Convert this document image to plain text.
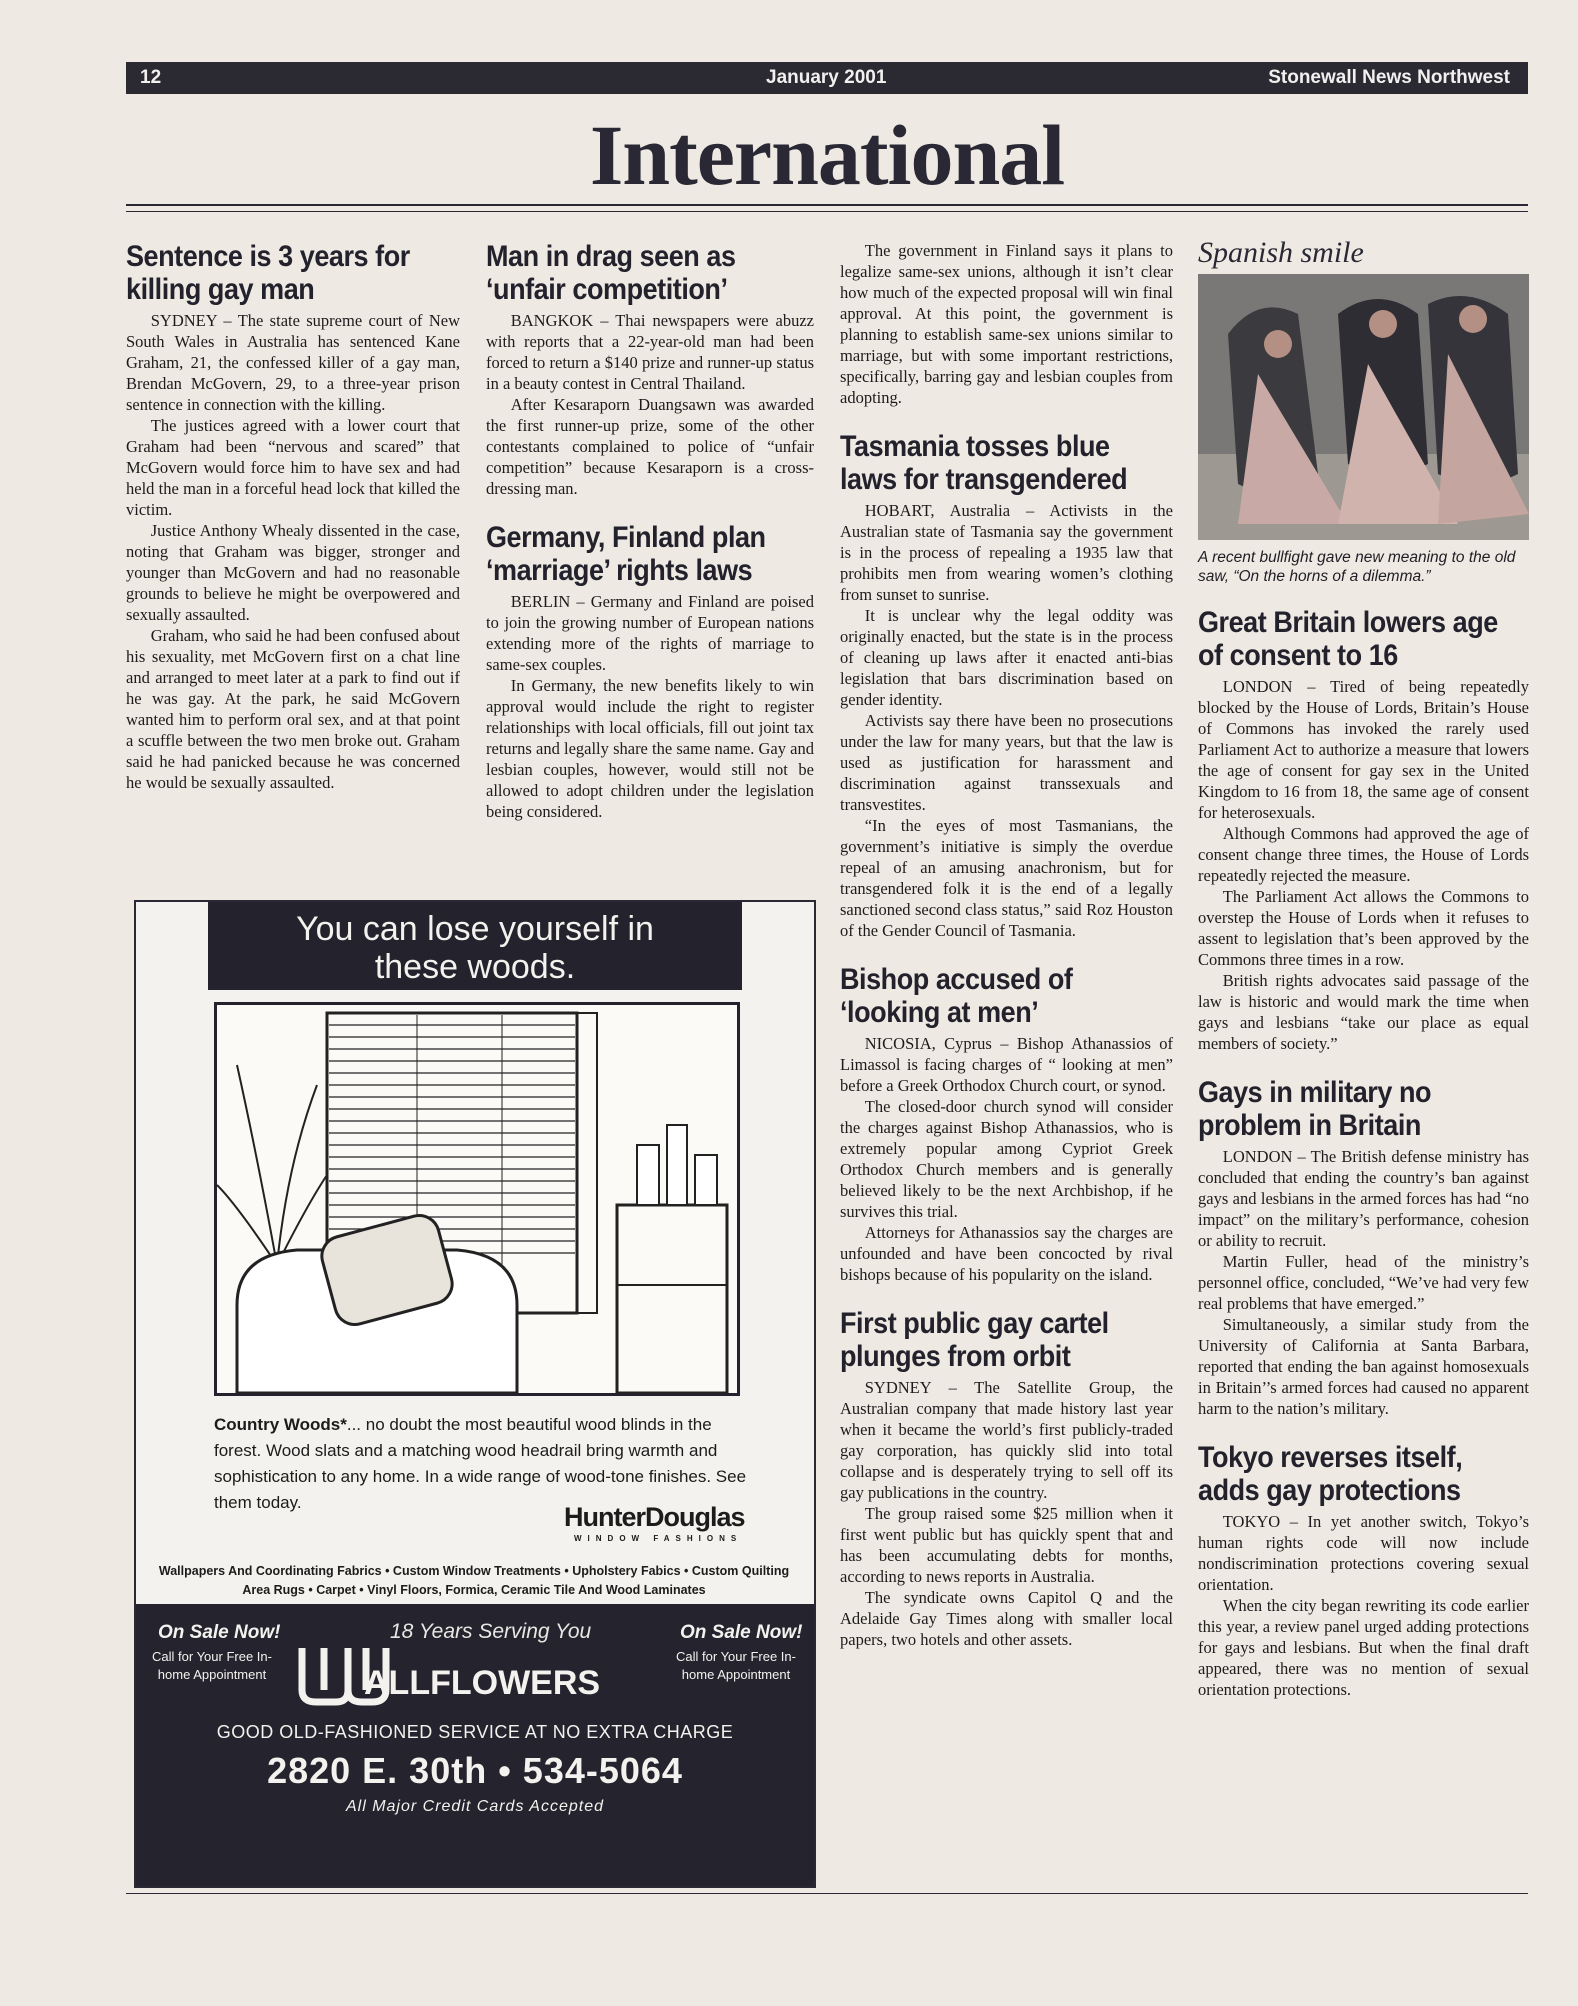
12	January 2001	Stonewall News Northwest
International
Sentence is 3 years for killing gay man

SYDNEY – The state supreme court of New South Wales in Australia has sentenced Kane Graham, 21, the confessed killer of a gay man, Brendan McGovern, 29, to a three-year prison sentence in connection with the killing.

The justices agreed with a lower court that Graham had been “nervous and scared” that McGovern would force him to have sex and had held the man in a forceful head lock that killed the victim.

Justice Anthony Whealy dissented in the case, noting that Graham was bigger, stronger and younger than McGovern and had no reasonable grounds to believe he might be overpowered and sexually assaulted.

Graham, who said he had been confused about his sexuality, met McGovern first on a chat line and arranged to meet later at a park to find out if he was gay. At the park, he said McGovern wanted him to perform oral sex, and at that point a scuffle between the two men broke out. Graham said he had panicked because he was concerned he would be sexually assaulted.

Man in drag seen as ‘unfair competition’

BANGKOK – Thai newspapers were abuzz with reports that a 22-year-old man had been forced to return a $140 prize and runner-up status in a beauty contest in Central Thailand.

After Kesaraporn Duangsawn was awarded the first runner-up prize, some of the other contestants complained to police of “unfair competition” because Kesaraporn is a cross-dressing man.

Germany, Finland plan ‘marriage’ rights laws

BERLIN – Germany and Finland are poised to join the growing number of European nations extending more of the rights of marriage to same-sex couples.

In Germany, the new benefits likely to win approval would include the right to register relationships with local officials, fill out joint tax returns and legally share the same name. Gay and lesbian couples, however, would still not be allowed to adopt children under the legislation being considered.

The government in Finland says it plans to legalize same-sex unions, although it isn’t clear how much of the expected proposal will win final approval. At this point, the government is planning to establish same-sex unions similar to marriage, but with some important restrictions, specifically, barring gay and lesbian couples from adopting.

Tasmania tosses blue laws for transgendered

HOBART, Australia – Activists in the Australian state of Tasmania say the government is in the process of repealing a 1935 law that prohibits men from wearing women’s clothing from sunset to sunrise.

It is unclear why the legal oddity was originally enacted, but the state is in the process of cleaning up laws after it enacted anti-bias legislation that bars discrimination based on gender identity.

Activists say there have been no prosecutions under the law for many years, but that the law is used as justification for harassment and discrimination against transsexuals and transvestites.

“In the eyes of most Tasmanians, the government’s initiative is simply the overdue repeal of an amusing anachronism, but for transgendered folk it is the end of a legally sanctioned second class status,” said Roz Houston of the Gender Council of Tasmania.

Bishop accused of ‘looking at men’

NICOSIA, Cyprus – Bishop Athanassios of Limassol is facing charges of “ looking at men” before a Greek Orthodox Church court, or synod.

The closed-door church synod will consider the charges against Bishop Athanassios, who is extremely popular among Cypriot Greek Orthodox Church members and is generally believed likely to be the next Archbishop, if he survives this trial.

Attorneys for Athanassios say the charges are unfounded and have been concocted by rival bishops because of his popularity on the island.

First public gay cartel plunges from orbit

SYDNEY – The Satellite Group, the Australian company that made history last year when it became the world’s first publicly-traded gay corporation, has quickly slid into total collapse and is desperately trying to sell off its gay publications in the country.

The group raised some $25 million when it first went public but has quickly spent that and has been accumulating debts for months, according to news reports in Australia.

The syndicate owns Capitol Q and the Adelaide Gay Times along with smaller local papers, two hotels and other assets.

Spanish smile
A recent bullfight gave new meaning to the old saw, “On the horns of a dilemma.”
Great Britain lowers age of consent to 16

LONDON – Tired of being repeatedly blocked by the House of Lords, Britain’s House of Commons has invoked the rarely used Parliament Act to authorize a measure that lowers the age of consent for gay sex in the United Kingdom to 16 from 18, the same age of consent for heterosexuals.

Although Commons had approved the age of consent change three times, the House of Lords repeatedly rejected the measure.

The Parliament Act allows the Commons to overstep the House of Lords when it refuses to assent to legislation that’s been approved by the Commons three times in a row.

British rights advocates said passage of the law is historic and would mark the time when gays and lesbians “take our place as equal members of society.”

Gays in military no problem in Britain

LONDON – The British defense ministry has concluded that ending the country’s ban against gays and lesbians in the armed forces has had “no impact” on the military’s performance, cohesion or ability to recruit.

Martin Fuller, head of the ministry’s personnel office, concluded, “We’ve had very few real problems that have emerged.”

Simultaneously, a similar study from the University of California at Santa Barbara, reported that ending the ban against homosexuals in Britain’’s armed forces had caused no apparent harm to the nation’s military.

Tokyo reverses itself, adds gay protections

TOKYO – In yet another switch, Tokyo’s human rights code will now include nondiscrimination protections covering sexual orientation.

When the city began rewriting its code earlier this year, a review panel urged adding protections for gays and lesbians. But when the final draft appeared, there was no mention of sexual orientation protections.

You can lose yourself in
these woods.
Country Woods*... no doubt the most beautiful wood blinds in the forest. Wood slats and a matching wood headrail bring warmth and sophistication to any home. In a wide range of wood-tone finishes. See them today.	HunterDouglas
WINDOW FASHIONS
Wallpapers And Coordinating Fabrics • Custom Window Treatments • Upholstery Fabics • Custom Quilting
Area Rugs • Carpet • Vinyl Floors, Formica, Ceramic Tile And Wood Laminates
On Sale Now!
Call for Your Free In-home Appointment
18 Years Serving You
ALLFLOWERS
On Sale Now!
Call for Your Free In-home Appointment
GOOD OLD-FASHIONED SERVICE AT NO EXTRA CHARGE
2820 E. 30th • 534-5064
All Major Credit Cards Accepted
